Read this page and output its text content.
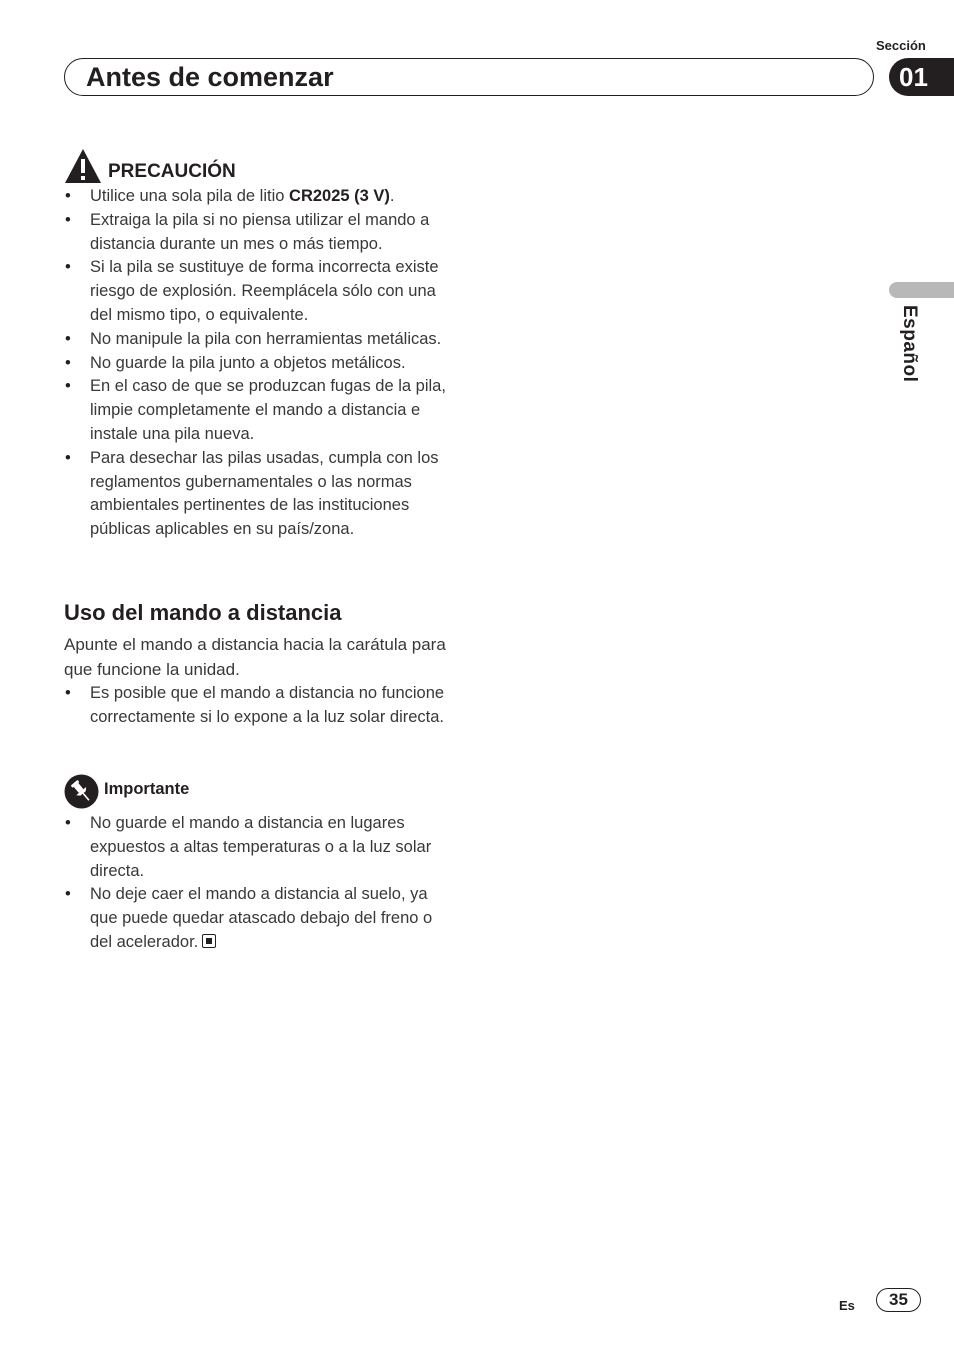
Sección
Antes de comenzar	01
Español
PRECAUCIÓN
• Utilice una sola pila de litio CR2025 (3 V).
• Extraiga la pila si no piensa utilizar el mando a distancia durante un mes o más tiempo.
• Si la pila se sustituye de forma incorrecta existe riesgo de explosión. Reemplácela sólo con una del mismo tipo, o equivalente.
• No manipule la pila con herramientas metálicas.
• No guarde la pila junto a objetos metálicos.
• En el caso de que se produzcan fugas de la pila, limpie completamente el mando a distancia e instale una pila nueva.
• Para desechar las pilas usadas, cumpla con los reglamentos gubernamentales o las normas ambientales pertinentes de las instituciones públicas aplicables en su país/zona.
Uso del mando a distancia

Apunte el mando a distancia hacia la carátula para que funcione la unidad.

• Es posible que el mando a distancia no funcione correctamente si lo expone a la luz solar directa.
Importante
• No guarde el mando a distancia en lugares expuestos a altas temperaturas o a la luz solar directa.
• No deje caer el mando a distancia al suelo, ya que puede quedar atascado debajo del freno o del acelerador.
Es	35
